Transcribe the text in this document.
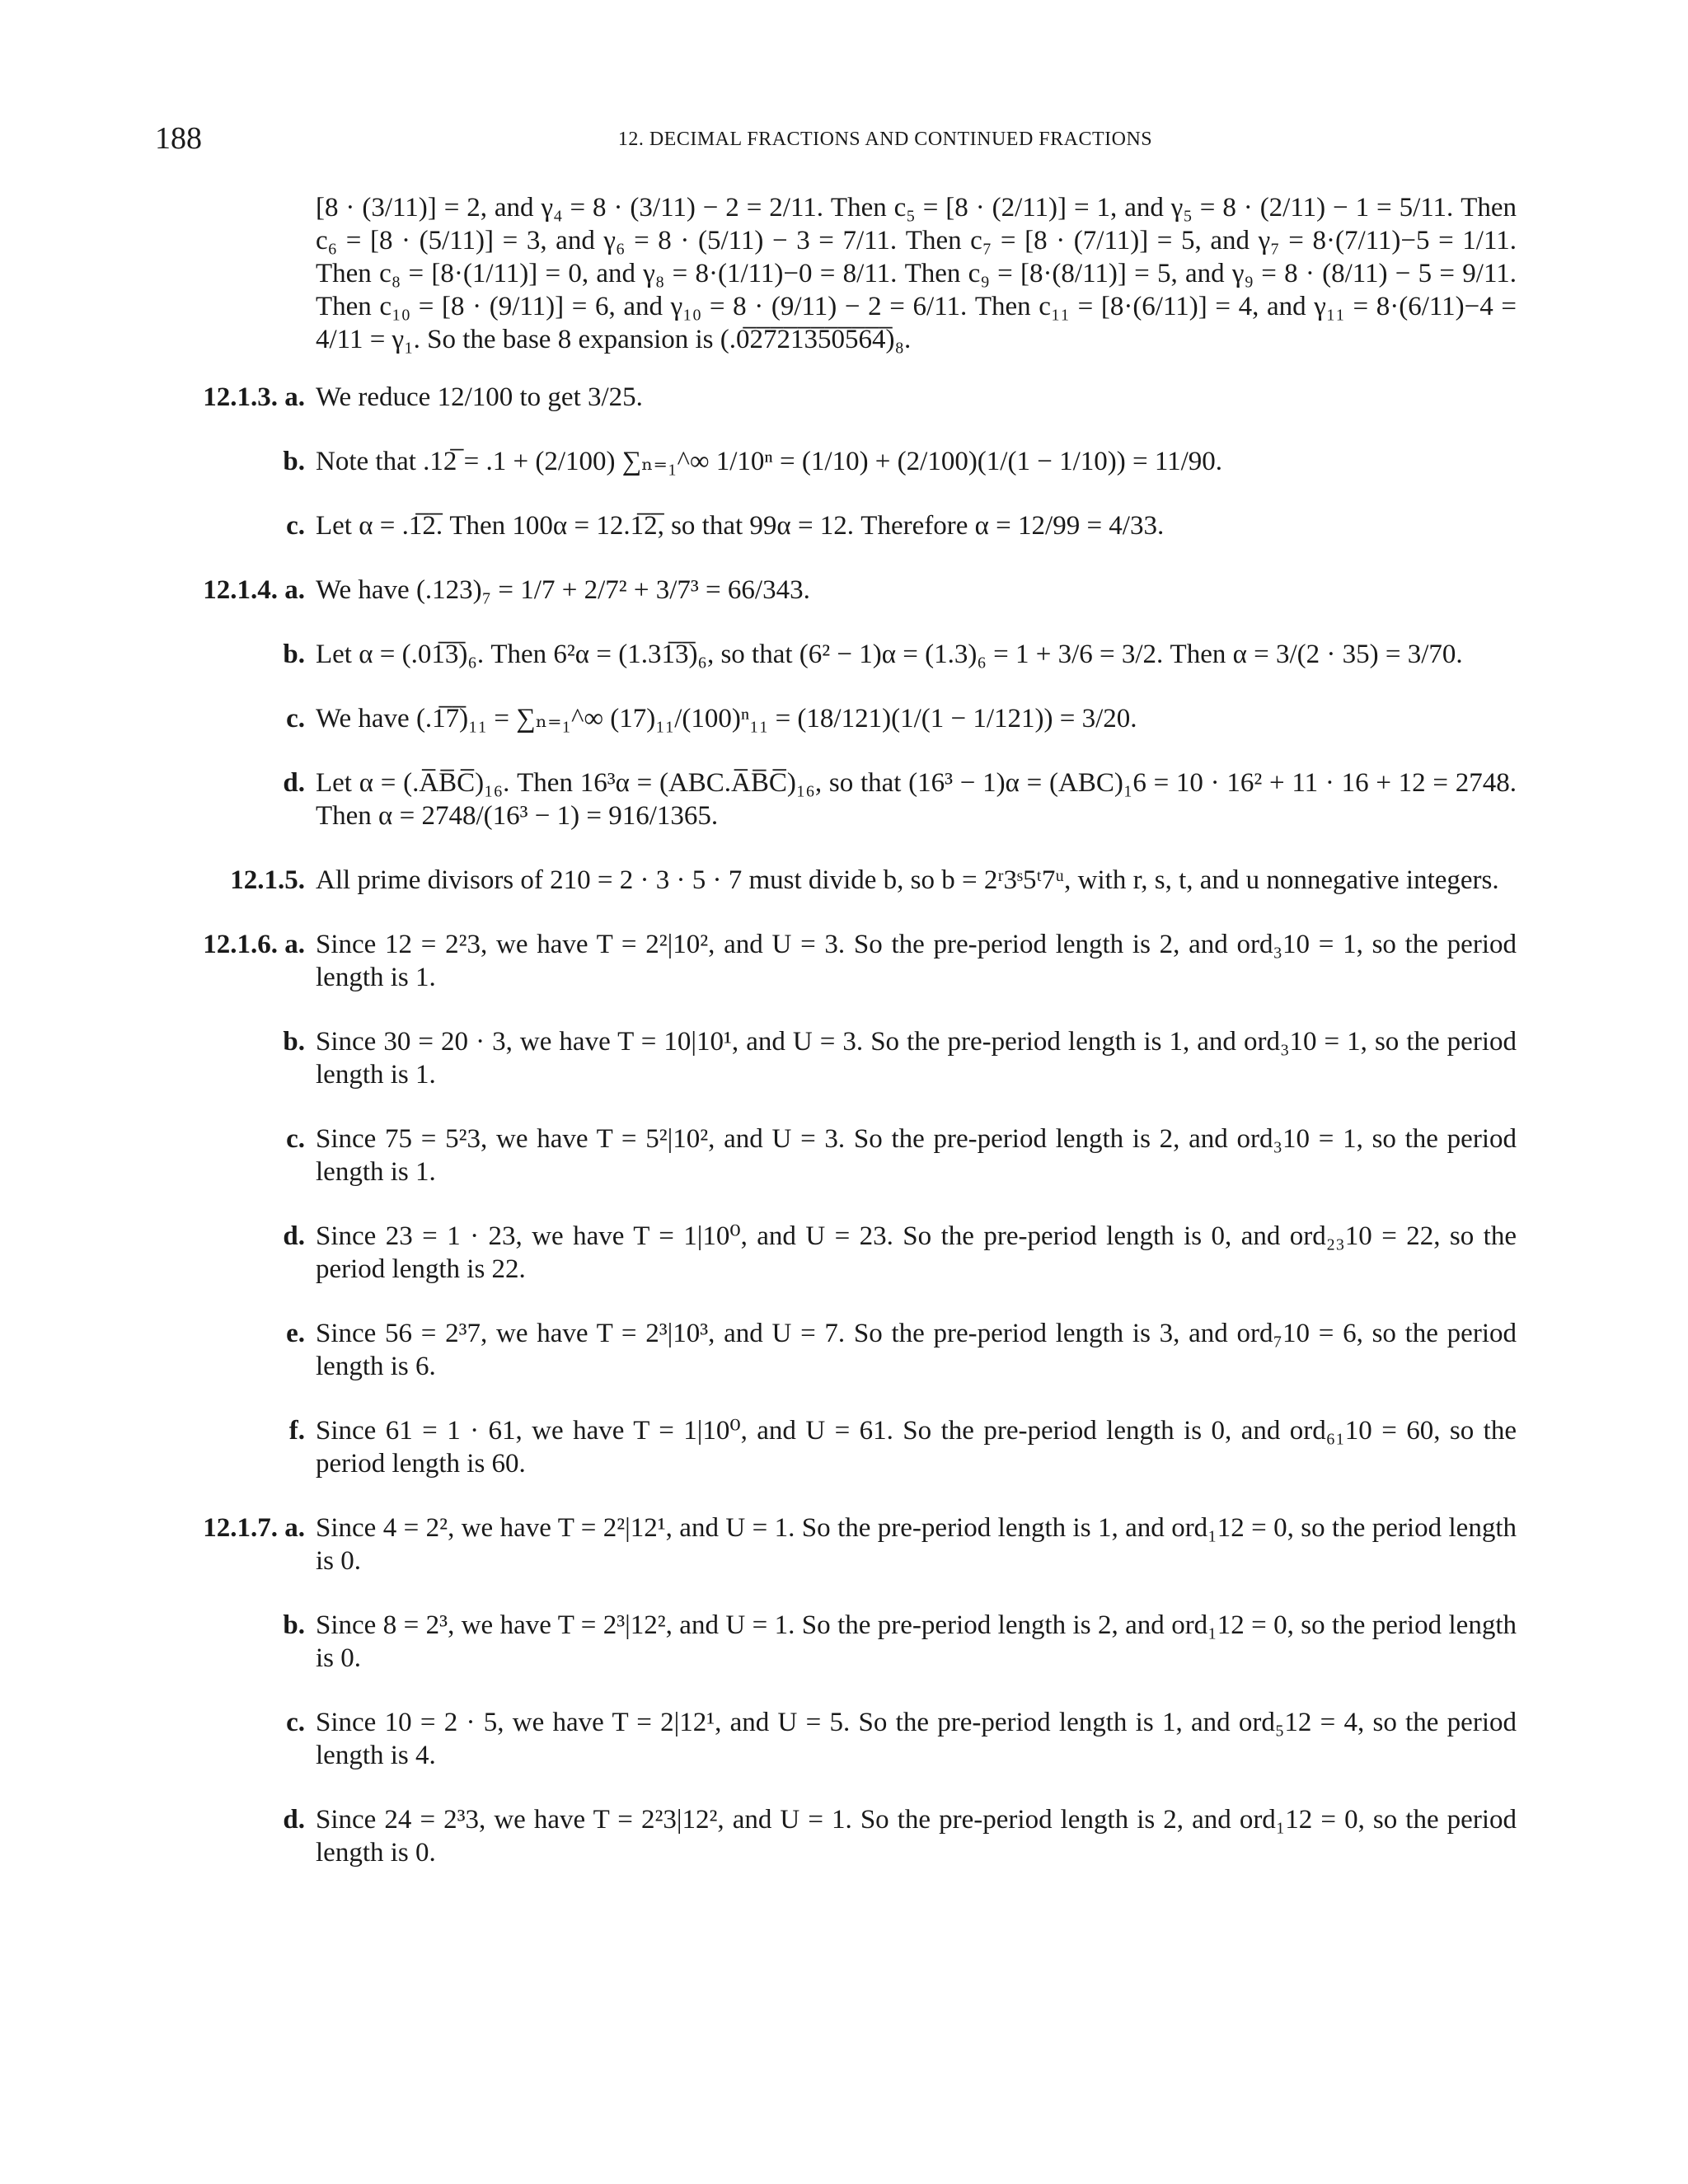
188	12. DECIMAL FRACTIONS AND CONTINUED FRACTIONS
[8 · (3/11)] = 2, and γ₄ = 8 · (3/11) − 2 = 2/11. Then c₅ = [8 · (2/11)] = 1, and γ₅ = 8 · (2/11) − 1 = 5/11. Then c₆ = [8 · (5/11)] = 3, and γ₆ = 8 · (5/11) − 3 = 7/11. Then c₇ = [8 · (7/11)] = 5, and γ₇ = 8·(7/11)−5 = 1/11. Then c₈ = [8·(1/11)] = 0, and γ₈ = 8·(1/11)−0 = 8/11. Then c₉ = [8·(8/11)] = 5, and γ₉ = 8 · (8/11) − 5 = 9/11. Then c₁₀ = [8 · (9/11)] = 6, and γ₁₀ = 8 · (9/11) − 2 = 6/11. Then c₁₁ = [8·(6/11)] = 4, and γ₁₁ = 8·(6/11)−4 = 4/11 = γ₁. So the base 8 expansion is (.0̅2̅7̅2̅1̅3̅5̅0̅5̅6̅4̅)₈.
12.1.3. a. We reduce 12/100 to get 3/25.
b. Note that .12̅ = .1 + (2/100) ∑ₙ₌₁^∞ 1/10ⁿ = (1/10) + (2/100)(1/(1 − 1/10)) = 11/90.
c. Let α = .1̅2̅. Then 100α = 12.1̅2̅, so that 99α = 12. Therefore α = 12/99 = 4/33.
12.1.4. a. We have (.123)₇ = 1/7 + 2/7² + 3/7³ = 66/343.
b. Let α = (.01̅3̅)₆. Then 6²α = (1.31̅3̅)₆, so that (6² − 1)α = (1.3)₆ = 1 + 3/6 = 3/2. Then α = 3/(2 · 35) = 3/70.
c. We have (.1̅7̅)₁₁ = ∑ₙ₌₁^∞ (17)₁₁/(100)ⁿ₁₁ = (18/121)(1/(1 − 1/121)) = 3/20.
d. Let α = (.A̅B̅C̅)₁₆. Then 16³α = (ABC.A̅B̅C̅)₁₆, so that (16³ − 1)α = (ABC)₁6 = 10 · 16² + 11 · 16 + 12 = 2748. Then α = 2748/(16³ − 1) = 916/1365.
12.1.5. All prime divisors of 210 = 2 · 3 · 5 · 7 must divide b, so b = 2ʳ3ˢ5ᵗ7ᵘ, with r, s, t, and u nonnegative integers.
12.1.6. a. Since 12 = 2²3, we have T = 2²|10², and U = 3. So the pre-period length is 2, and ord₃10 = 1, so the period length is 1.
b. Since 30 = 20 · 3, we have T = 10|10¹, and U = 3. So the pre-period length is 1, and ord₃10 = 1, so the period length is 1.
c. Since 75 = 5²3, we have T = 5²|10², and U = 3. So the pre-period length is 2, and ord₃10 = 1, so the period length is 1.
d. Since 23 = 1 · 23, we have T = 1|10⁰, and U = 23. So the pre-period length is 0, and ord₂₃10 = 22, so the period length is 22.
e. Since 56 = 2³7, we have T = 2³|10³, and U = 7. So the pre-period length is 3, and ord₇10 = 6, so the period length is 6.
f. Since 61 = 1 · 61, we have T = 1|10⁰, and U = 61. So the pre-period length is 0, and ord₆₁10 = 60, so the period length is 60.
12.1.7. a. Since 4 = 2², we have T = 2²|12¹, and U = 1. So the pre-period length is 1, and ord₁12 = 0, so the period length is 0.
b. Since 8 = 2³, we have T = 2³|12², and U = 1. So the pre-period length is 2, and ord₁12 = 0, so the period length is 0.
c. Since 10 = 2 · 5, we have T = 2|12¹, and U = 5. So the pre-period length is 1, and ord₅12 = 4, so the period length is 4.
d. Since 24 = 2³3, we have T = 2²3|12², and U = 1. So the pre-period length is 2, and ord₁12 = 0, so the period length is 0.
